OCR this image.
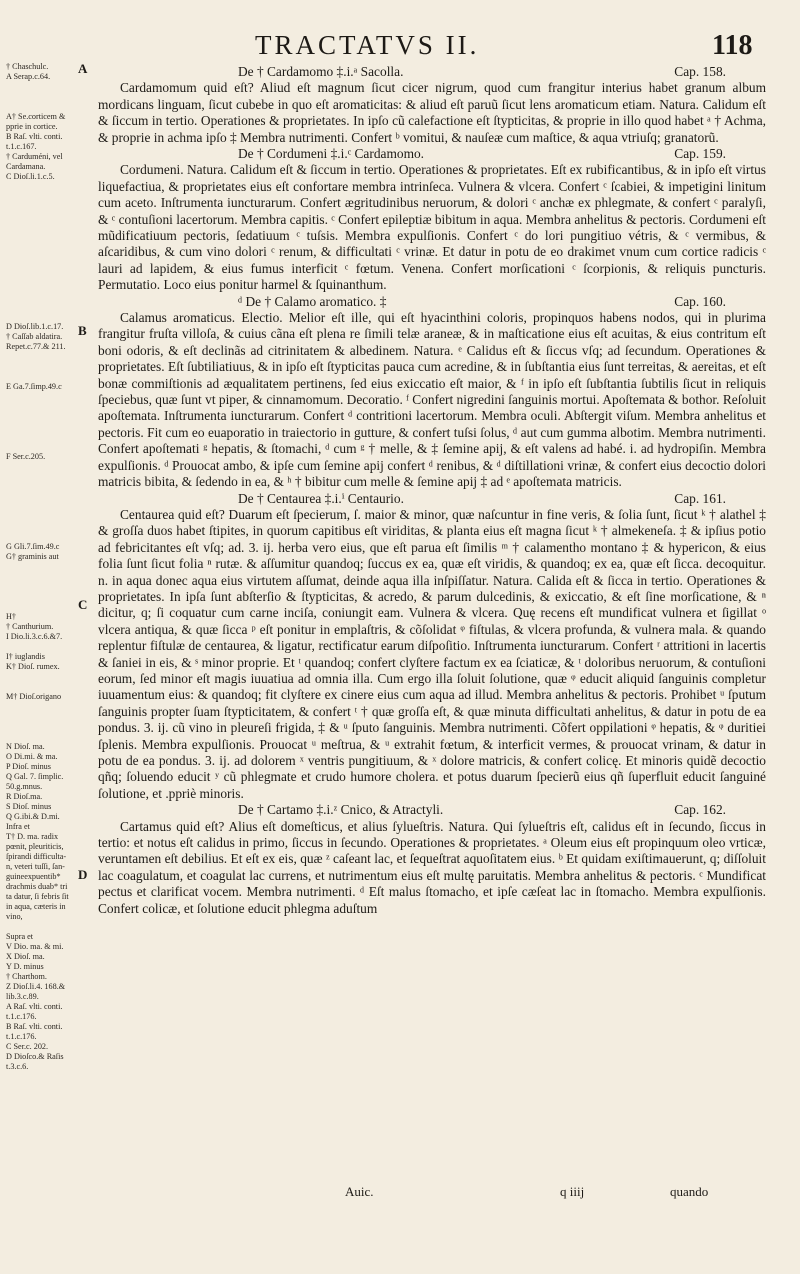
TRACTATVS II.	118
† Chaschulc.
A Serap.c.64.

A† Se.corticem &
pprie in cortice.
B Raſ. vlti. conti.
t.1.c.167.
† Carduméni, vel
Cardamana.
C Dioſ.li.1.c.5.

D Dioſ.lib.1.c.17.
† Caſſab aldatira.
Repet.c.77.& 211.

E Ga.7.ſimp.49.c

F Ser.c.205.

G Gli.7.ſim.49.c
G† graminis aut

H†
† Canthurium.
I Dio.li.3.c.6.&7.

I† iuglandis
K† Dioſ. rumex.

M† Dioſ.origano

N Dioſ. ma.
O Di.mi. & ma.
P Dioſ. minus
Q Gal. 7. ſimplic.
50.g.mnus.
R Dioſ.ma.
S Dioſ. minus
Q G.ibi.& D.mi.
Infra et
T† D. ma. radix
pœnit, pleuriticis,
ſpirandi difficulta-
n, veteri tuſſi, ſan-
guineexpuentib*
drachmis duab* tri
ta datur, ſi febris ſit
in aqua, cæteris in
vino,

Supra et
V Dio. ma. & mi.
X Dioſ. ma.
Y D. minus
† Charthom.
Z Dioſ.li.4. 168.&
lib.3.c.89.
A Raſ. vlti. conti.
t.1.c.176.
B Raſ. vlti. conti.
t.1.c.176.
C Ser.c. 202.
D Dioſco.& Raſis
t.3.c.6.
A
B
C
D
De † Cardamomo ‡.i.ᵃ Sacolla.	Cap. 158.

Cardamomum quid eſt? Aliud eſt magnum ſicut cicer nigrum, quod cum frangitur interius habet granum album mordicans linguam, ſicut cubebe in quo eſt aromaticitas: & aliud eſt paruũ ſicut lens aromaticum etiam. Natura. Calidum eſt & ſiccum in tertio. Operationes & proprietates. In ipſo cũ calefactione eſt ſtypticitas, & proprie in illo quod habet ᵃ † Achma, & proprie in achma ipſo ‡ Membra nutrimenti. Confert ᵇ vomitui, & nauſeæ cum maſtice, & aqua vtriuſq; granatorũ.

De † Cordumeni ‡.i.ᶜ Cardamomo.	Cap. 159.

Cordumeni. Natura. Calidum eſt & ſiccum in tertio. Operationes & proprietates. Eſt ex rubificantibus, & in ipſo eſt virtus liquefactiua, & proprietates eius eſt confortare membra intrinſeca. Vulnera & vlcera. Confert ᶜ ſcabiei, & impetigini linitum cum aceto. Inſtrumenta iuncturarum. Confert ægritudinibus neruorum, & dolori ᶜ anchæ ex phlegmate, & confert ᶜ paralyſi, & ᶜ contuſioni lacertorum. Membra capitis. ᶜ Confert epileptiæ bibitum in aqua. Membra anhelitus & pectoris. Cordumeni eſt mũdificatiuum pectoris, ſedatiuum ᶜ tuſsis. Membra expulſionis. Confert ᶜ do lori pungitiuo vétris, & ᶜ vermibus, & aſcaridibus, & cum vino dolori ᶜ renum, & difficultati ᶜ vrinæ. Et datur in potu de eo drakimet vnum cum cortice radicis ᶜ lauri ad lapidem, & eius fumus interficit ᶜ fœtum. Venena. Confert morſicationi ᶜ ſcorpionis, & reliquis puncturis. Permutatio. Loco eius ponitur harmel & ſquinanthum.

ᵈ De † Calamo aromatico. ‡	Cap. 160.

Calamus aromaticus. Electio. Melior eſt ille, qui eſt hyacinthini coloris, propinquos habens nodos, qui in plurima frangitur fruſta villoſa, & cuius cãna eſt plena re ſimili telæ araneæ, & in maſticatione eius eſt acuitas, & eius contritum eſt boni odoris, & eſt declinãs ad citrinitatem & albedinem. Natura. ᵉ Calidus eſt & ſiccus vſq; ad ſecundum. Operationes & proprietates. Eſt ſubtiliatiuus, & in ipſo eſt ſtypticitas pauca cum acredine, & in ſubſtantia eius ſunt terreitas, & aereitas, et eſt bonæ commiſtionis ad æqualitatem pertinens, ſed eius exiccatio eſt maior, & ᶠ in ipſo eſt ſubſtantia ſubtilis ſicut in reliquis ſpeciebus, quæ ſunt vt piper, & cinnamomum. Decoratio. ᶠ Confert nigredini ſanguinis mortui. Apoſtemata & bothor. Reſoluit apoſtemata. Inſtrumenta iuncturarum. Confert ᵈ contritioni lacertorum. Membra oculi. Abſtergit viſum. Membra anhelitus et pectoris. Fit cum eo euaporatio in traiectorio in gutture, & confert tuſsi ſolus, ᵈ aut cum gumma albotim. Membra nutrimenti. Confert apoſtemati ᵍ hepatis, & ſtomachi, ᵈ cum ᵍ † melle, & ‡ ſemine apij, & eſt valens ad habé. i. ad hydropiſin. Membra expulſionis. ᵈ Prouocat ambo, & ipſe cum ſemine apij confert ᵈ renibus, & ᵈ diſtillationi vrinæ, & confert eius decoctio dolori matricis bibita, & ſedendo in ea, & ʰ † bibitur cum melle & ſemine apij ‡ ad ᵉ apoſtemata matricis.

De † Centaurea ‡.i.ⁱ Centaurio.	Cap. 161.

Centaurea quid eſt? Duarum eſt ſpecierum, ſ. maior & minor, quæ naſcuntur in fine veris, & ſolia ſunt, ſicut ᵏ † alathel ‡ & groſſa duos habet ſtipites, in quorum capitibus eſt viriditas, & planta eius eſt magna ſicut ᵏ † almekeneſa. ‡ & ipſius potio ad febricitantes eſt vſq; ad. 3. ij. herba vero eius, que eſt parua eſt ſimilis ᵐ † calamentho montano ‡ & hypericon, & eius folia ſunt ſicut folia ⁿ rutæ. & aſſumitur quandoq; ſuccus ex ea, quæ eſt viridis, & quandoq; ex ea, quæ eſt ſicca. decoquitur. n. in aqua donec aqua eius virtutem aſſumat, deinde aqua illa inſpiſſatur. Natura. Calida eſt & ſicca in tertio. Operationes & proprietates. In ipſa ſunt abſterſio & ſtypticitas, & acredo, & parum dulcedinis, & exiccatio, & eſt ſine morſicatione, & ⁿ dicitur, q; ſi coquatur cum carne inciſa, coniungit eam. Vulnera & vlcera. Quę recens eſt mundificat vulnera et ſigillat ᵒ vlcera antiqua, & quæ ſicca ᵖ eſt ponitur in emplaſtris, & cõſolidat ᵠ fiſtulas, & vlcera profunda, & vulnera mala. & quando replentur fiſtulæ de centaurea, & ligatur, rectificatur earum diſpoſitio. Inſtrumenta iuncturarum. Confert ʳ attritioni in lacertis & ſaniei in eis, & ˢ minor proprie. Et ᵗ quandoq; confert clyſtere factum ex ea ſciaticæ, & ᵗ doloribus neruorum, & contuſioni eorum, ſed minor eſt magis iuuatiua ad omnia illa. Cum ergo illa ſoluit ſolutione, quæ ᵠ educit aliquid ſanguinis completur iuuamentum eius: & quandoq; fit clyſtere ex cinere eius cum aqua ad illud. Membra anhelitus & pectoris. Prohibet ᵘ ſputum ſanguinis propter ſuam ſtypticitatem, & confert ᵗ † quæ groſſa eſt, & quæ minuta difficultati anhelitus, & datur in potu de ea pondus. 3. ij. cũ vino in pleureſi frigida, ‡ & ᵘ ſputo ſanguinis. Membra nutrimenti. Cõfert oppilationi ᵠ hepatis, & ᵠ duritiei ſplenis. Membra expulſionis. Prouocat ᵘ meſtrua, & ᵘ extrahit fœtum, & interficit vermes, & prouocat vrinam, & datur in potu de ea pondus. 3. ij. ad dolorem ˣ ventris pungitiuum, & ˣ dolore matricis, & confert colicę. Et minoris quidẽ decoctio qñq; ſoluendo educit ʸ cũ phlegmate et crudo humore cholera. et potus duarum ſpecierũ eius qñ ſuperfluit educit ſanguiné ſolutione, et .ppriè minoris.

De † Cartamo ‡.i.ᶻ Cnico, & Atractyli.	Cap. 162.

Cartamus quid eſt? Alius eſt domeſticus, et alius ſylueſtris. Natura. Qui ſylueſtris eſt, calidus eſt in ſecundo, ſiccus in tertio: et notus eſt calidus in primo, ſiccus in ſecundo. Operationes & proprietates. ᵃ Oleum eius eſt propinquum oleo vrticæ, veruntamen eſt debilius. Et eſt ex eis, quæ ᶻ caſeant lac, et ſequeſtrat aquoſitatem eius. ᵇ Et quidam exiſtimauerunt, q; diſſoluit lac coagulatum, et coagulat lac currens, et nutrimentum eius eſt multę paruitatis. Membra anhelitus & pectoris. ᶜ Mundificat pectus et clarificat vocem. Membra nutrimenti. ᵈ Eſt malus ſtomacho, et ipſe cæſeat lac in ſtomacho. Membra expulſionis. Confert colicæ, et ſolutione educit phlegma aduſtum

Auic.	q iiij	quando
